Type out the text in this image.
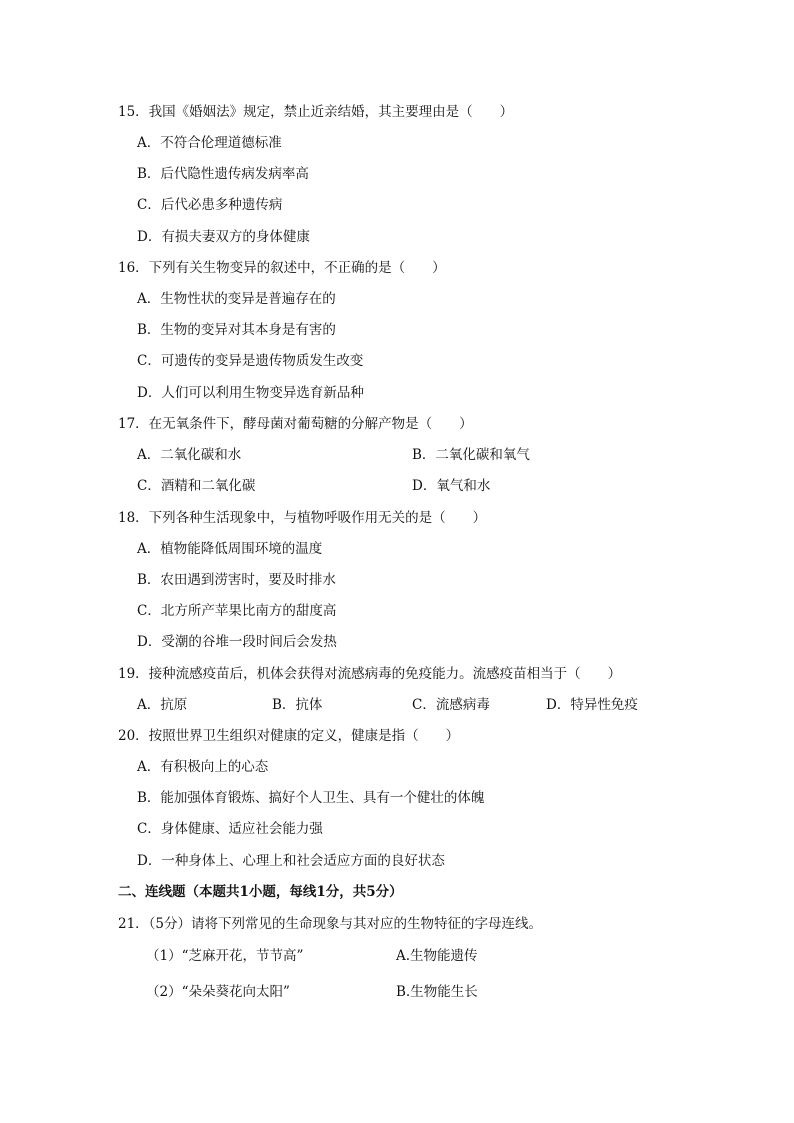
15．我国《婚姻法》规定，禁止近亲结婚，其主要理由是（　　）
A．不符合伦理道德标准
B．后代隐性遗传病发病率高
C．后代必患多种遗传病
D．有损夫妻双方的身体健康
16．下列有关生物变异的叙述中，不正确的是（　　）
A．生物性状的变异是普遍存在的
B．生物的变异对其本身是有害的
C．可遗传的变异是遗传物质发生改变
D．人们可以利用生物变异选育新品种
17．在无氧条件下，酵母菌对葡萄糖的分解产物是（　　）
A．二氧化碳和水	B．二氧化碳和氧气
C．酒精和二氧化碳	D．氧气和水
18．下列各种生活现象中，与植物呼吸作用无关的是（　　）
A．植物能降低周围环境的温度
B．农田遇到涝害时，要及时排水
C．北方所产苹果比南方的甜度高
D．受潮的谷堆一段时间后会发热
19．接种流感疫苗后，机体会获得对流感病毒的免疫能力。流感疫苗相当于（　　）
A．抗原	B．抗体	C．流感病毒	D．特异性免疫
20．按照世界卫生组织对健康的定义，健康是指（　　）
A．有积极向上的心态
B．能加强体育锻炼、搞好个人卫生、具有一个健壮的体魄
C．身体健康、适应社会能力强
D．一种身体上、心理上和社会适应方面的良好状态
二、连线题（本题共1小题，每线1分，共5分）
21．（5分）请将下列常见的生命现象与其对应的生物特征的字母连线。
（1）“芝麻开花，节节高”	A.生物能遗传
（2）“朵朵葵花向太阳”	B.生物能生长
